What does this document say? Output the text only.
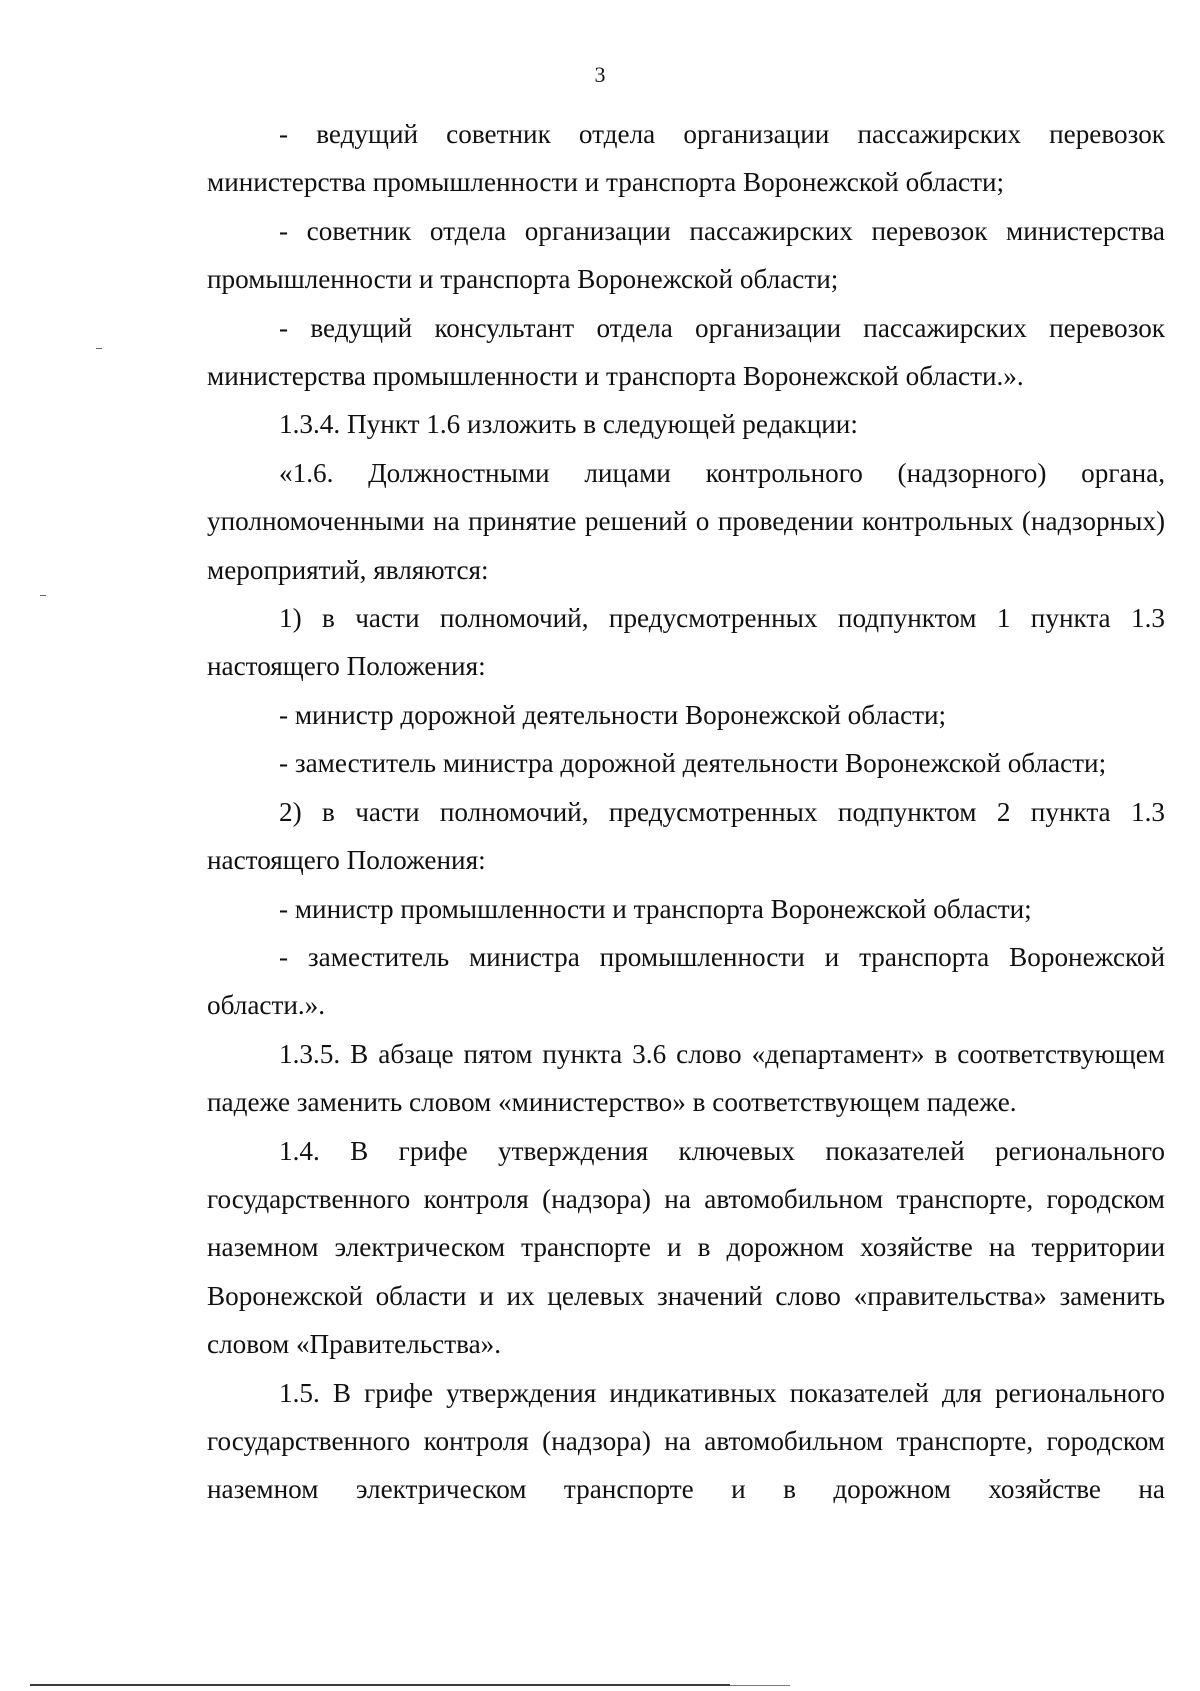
3

- ведущий советник отдела организации пассажирских перевозок министерства промышленности и транспорта Воронежской области;

- советник отдела организации пассажирских перевозок министерства промышленности и транспорта Воронежской области;

- ведущий консультант отдела организации пассажирских перевозок министерства промышленности и транспорта Воронежской области.».

1.3.4. Пункт 1.6 изложить в следующей редакции:

«1.6. Должностными лицами контрольного (надзорного) органа, уполномоченными на принятие решений о проведении контрольных (надзорных) мероприятий, являются:

1) в части полномочий, предусмотренных подпунктом 1 пункта 1.3 настоящего Положения:

- министр дорожной деятельности Воронежской области;

- заместитель министра дорожной деятельности Воронежской области;

2) в части полномочий, предусмотренных подпунктом 2 пункта 1.3 настоящего Положения:

- министр промышленности и транспорта Воронежской области;

- заместитель министра промышленности и транспорта Воронежской области.».

1.3.5. В абзаце пятом пункта 3.6 слово «департамент» в соответствующем падеже заменить словом «министерство» в соответствующем падеже.

1.4. В грифе утверждения ключевых показателей регионального государственного контроля (надзора) на автомобильном транспорте, городском наземном электрическом транспорте и в дорожном хозяйстве на территории Воронежской области и их целевых значений слово «правительства» заменить словом «Правительства».

1.5. В грифе утверждения индикативных показателей для регионального государственного контроля (надзора) на автомобильном транспорте, городском наземном электрическом транспорте и в дорожном хозяйстве на
